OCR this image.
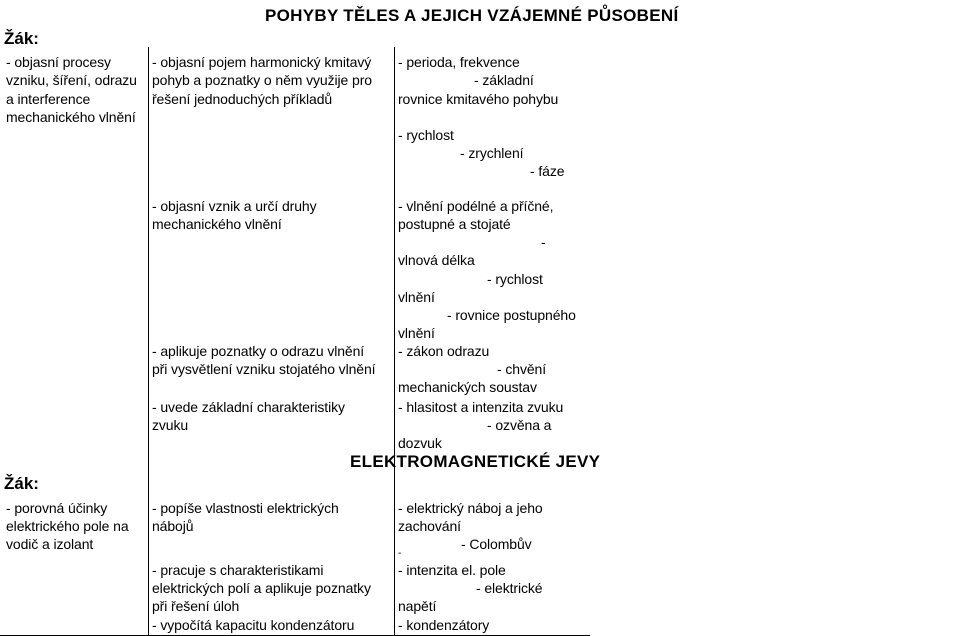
POHYBY TĚLES A JEJICH VZÁJEMNÉ PŮSOBENÍ
Žák:
ELEKTROMAGNETICKÉ JEVY
Žák:
- objasní procesy
vzniku, šíření, odrazu
a interference
mechanického vlnění
- porovná účinky
elektrického pole na
vodič a izolant
- objasní pojem harmonický kmitavý
pohyb a poznatky o něm využije pro
řešení jednoduchých příkladů
- objasní vznik a určí druhy
mechanického vlnění
- aplikuje poznatky o odrazu vlnění
při vysvětlení vzniku stojatého vlnění
- uvede základní charakteristiky
zvuku
- popíše vlastnosti elektrických
nábojů
- pracuje s charakteristikami
elektrických polí a aplikuje poznatky
při řešení úloh
- vypočítá kapacitu kondenzátoru
- perioda, frekvence
- základní
rovnice kmitavého pohybu
- rychlost
- zrychlení
- fáze
- vlnění podélné a příčné,
postupné a stojaté
-
vlnová délka
- rychlost
vlnění
- rovnice postupného
vlnění
- zákon odrazu
- chvění
mechanických soustav
- hlasitost a intenzita zvuku
- ozvěna a
dozvuk
- elektrický náboj a jeho
zachování
- Colombův
-
- intenzita el. pole
- elektrické
napětí
- kondenzátory
